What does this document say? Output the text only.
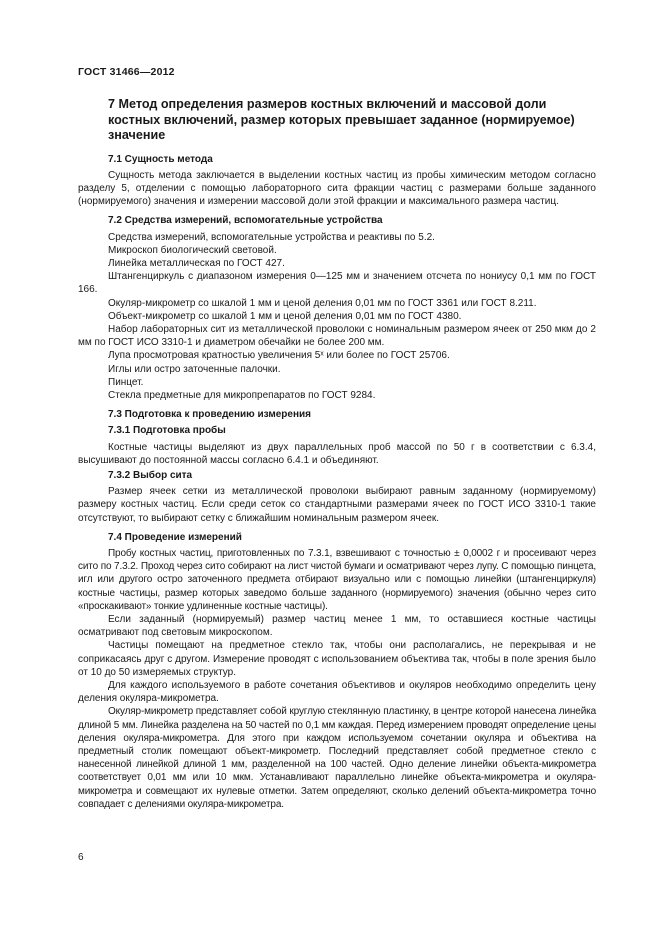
ГОСТ 31466—2012
7 Метод определения размеров костных включений и массовой доли костных включений, размер которых превышает заданное (нормируемое) значение
7.1 Сущность метода

Сущность метода заключается в выделении костных частиц из пробы химическим методом согласно разделу 5, отделении с помощью лабораторного сита фракции частиц с размерами больше заданного (нормируемого) значения и измерении массовой доли этой фракции и максимального размера частиц.

7.2 Средства измерений, вспомогательные устройства

Средства измерений, вспомогательные устройства и реактивы по 5.2.

Микроскоп биологический световой.

Линейка металлическая по ГОСТ 427.

Штангенциркуль с диапазоном измерения 0—125 мм и значением отсчета по нониусу 0,1 мм по ГОСТ 166.

Окуляр-микрометр со шкалой 1 мм и ценой деления 0,01 мм по ГОСТ 3361 или ГОСТ 8.211.

Объект-микрометр со шкалой 1 мм и ценой деления 0,01 мм по ГОСТ 4380.

Набор лабораторных сит из металлической проволоки с номинальным размером ячеек от 250 мкм до 2 мм по ГОСТ ИСО 3310-1 и диаметром обечайки не более 200 мм.

Лупа просмотровая кратностью увеличения 5ˣ или более по ГОСТ 25706.

Иглы или остро заточенные палочки.

Пинцет.

Стекла предметные для микропрепаратов по ГОСТ 9284.

7.3 Подготовка к проведению измерения
7.3.1 Подготовка пробы

Костные частицы выделяют из двух параллельных проб массой по 50 г в соответствии с 6.3.4, высушивают до постоянной массы согласно 6.4.1 и объединяют.

7.3.2 Выбор сита

Размер ячеек сетки из металлической проволоки выбирают равным заданному (нормируемому) размеру костных частиц. Если среди сеток со стандартными размерами ячеек по ГОСТ ИСО 3310-1 такие отсутствуют, то выбирают сетку с ближайшим номинальным размером ячеек.

7.4 Проведение измерений

Пробу костных частиц, приготовленных по 7.3.1, взвешивают с точностью ± 0,0002 г и просеивают через сито по 7.3.2. Проход через сито собирают на лист чистой бумаги и осматривают через лупу. С помощью пинцета, игл или другого остро заточенного предмета отбирают визуально или с помощью линейки (штангенциркуля) костные частицы, размер которых заведомо больше заданного (нормируемого) значения (обычно через сито «проскакивают» тонкие удлиненные костные частицы).

Если заданный (нормируемый) размер частиц менее 1 мм, то оставшиеся костные частицы осматривают под световым микроскопом.

Частицы помещают на предметное стекло так, чтобы они располагались, не перекрывая и не соприкасаясь друг с другом. Измерение проводят с использованием объектива так, чтобы в поле зрения было от 10 до 50 измеряемых структур.

Для каждого используемого в работе сочетания объективов и окуляров необходимо определить цену деления окуляра-микрометра.

Окуляр-микрометр представляет собой круглую стеклянную пластинку, в центре которой нанесена линейка длиной 5 мм. Линейка разделена на 50 частей по 0,1 мм каждая. Перед измерением проводят определение цены деления окуляра-микрометра. Для этого при каждом используемом сочетании окуляра и объектива на предметный столик помещают объект-микрометр. Последний представляет собой предметное стекло с нанесенной линейкой длиной 1 мм, разделенной на 100 частей. Одно деление линейки объекта-микрометра соответствует 0,01 мм или 10 мкм. Устанавливают параллельно линейке объекта-микрометра и окуляра-микрометра и совмещают их нулевые отметки. Затем определяют, сколько делений объекта-микрометра точно совпадает с делениями окуляра-микрометра.

6
